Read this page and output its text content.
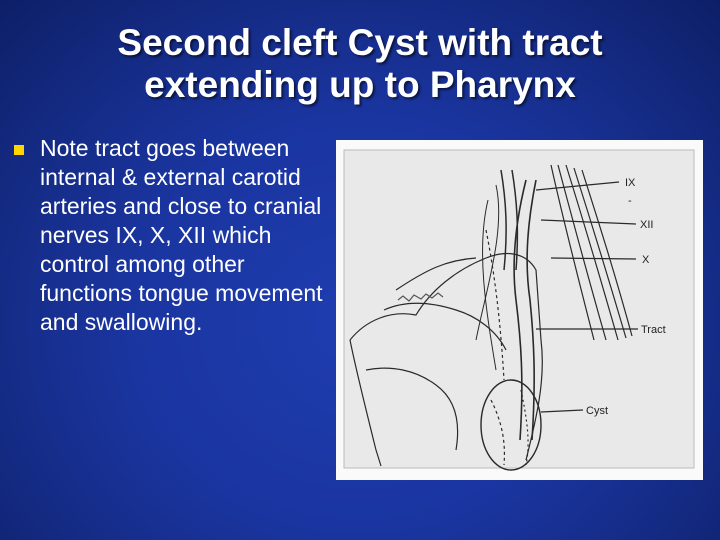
Second cleft Cyst with tract
extending up to Pharynx
Note tract goes between internal & external carotid arteries and close to cranial nerves IX, X, XII which control among other functions tongue movement and swallowing.
IX
-
XII
X
Tract
Cyst
